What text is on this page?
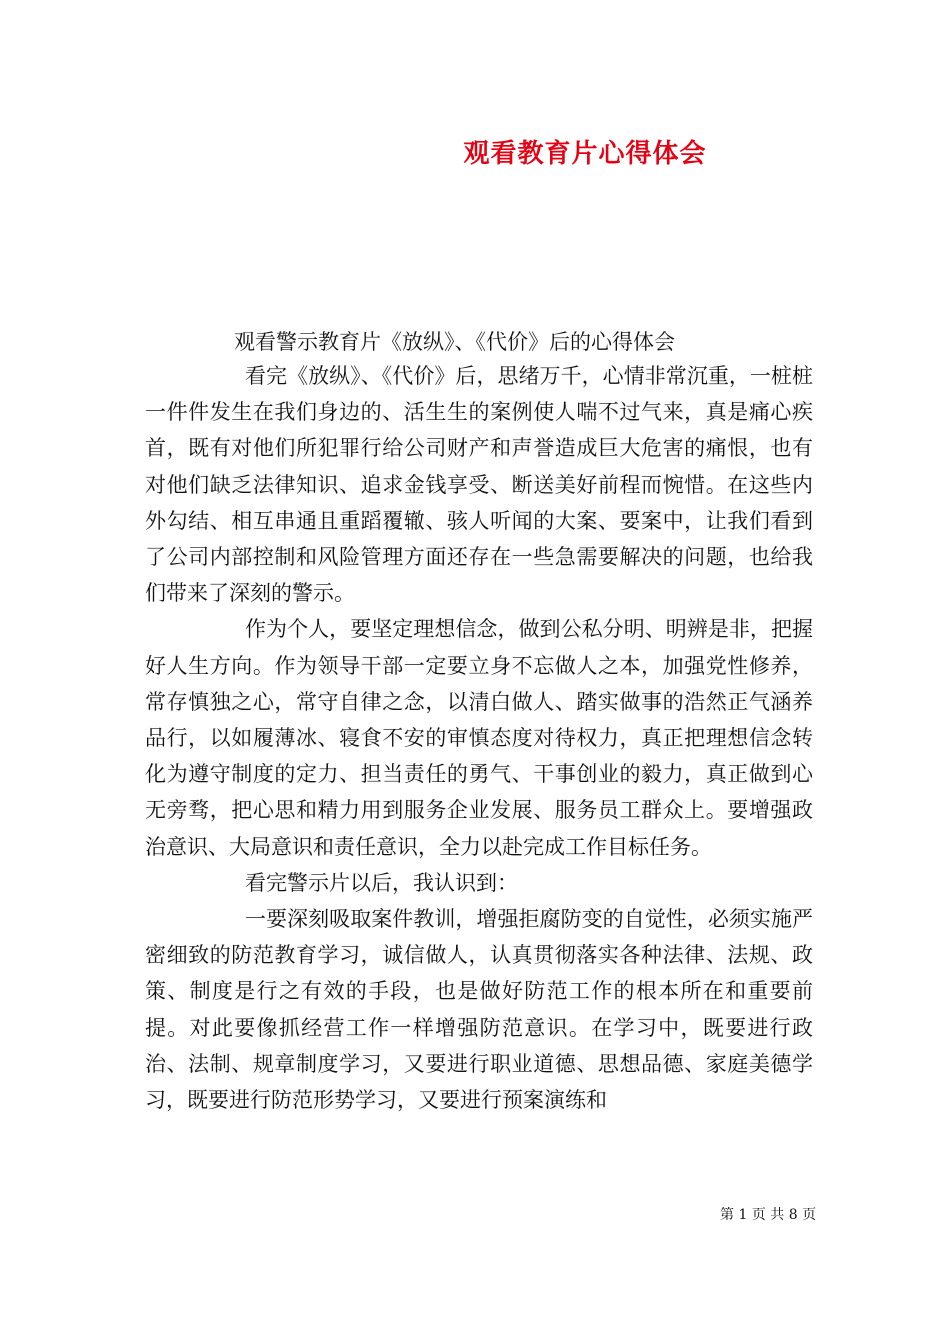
观看教育片心得体会
观看警示教育片《放纵》、《代价》后的心得体会

看完《放纵》、《代价》后，思绪万千，心情非常沉重，一桩桩一件件发生在我们身边的、活生生的案例使人喘不过气来，真是痛心疾首，既有对他们所犯罪行给公司财产和声誉造成巨大危害的痛恨，也有对他们缺乏法律知识、追求金钱享受、断送美好前程而惋惜。在这些内外勾结、相互串通且重蹈覆辙、骇人听闻的大案、要案中，让我们看到了公司内部控制和风险管理方面还存在一些急需要解决的问题，也给我们带来了深刻的警示。

作为个人，要坚定理想信念，做到公私分明、明辨是非，把握好人生方向。作为领导干部一定要立身不忘做人之本，加强党性修养，常存慎独之心，常守自律之念，以清白做人、踏实做事的浩然正气涵养品行，以如履薄冰、寝食不安的审慎态度对待权力，真正把理想信念转化为遵守制度的定力、担当责任的勇气、干事创业的毅力，真正做到心无旁骛，把心思和精力用到服务企业发展、服务员工群众上。要增强政治意识、大局意识和责任意识，全力以赴完成工作目标任务。

看完警示片以后，我认识到：

一要深刻吸取案件教训，增强拒腐防变的自觉性，必须实施严密细致的防范教育学习，诚信做人，认真贯彻落实各种法律、法规、政策、制度是行之有效的手段，也是做好防范工作的根本所在和重要前提。对此要像抓经营工作一样增强防范意识。在学习中，既要进行政治、法制、规章制度学习，又要进行职业道德、思想品德、家庭美德学习，既要进行防范形势学习，又要进行预案演练和

第 1 页 共 8 页
